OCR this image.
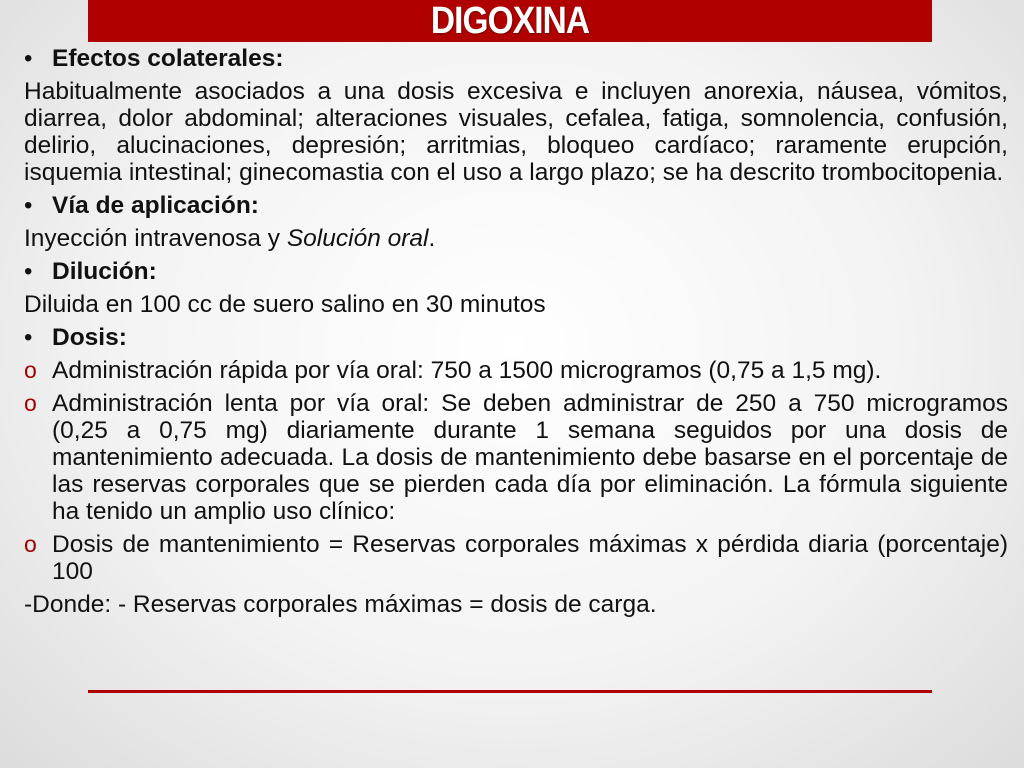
DIGOXINA
• Efectos colaterales:
Habitualmente asociados a una dosis excesiva e incluyen anorexia, náusea, vómitos, diarrea, dolor abdominal; alteraciones visuales, cefalea, fatiga, somnolencia, confusión, delirio, alucinaciones, depresión; arritmias, bloqueo cardíaco; raramente erupción, isquemia intestinal; ginecomastia con el uso a largo plazo; se ha descrito trombocitopenia.
• Vía de aplicación:
Inyección intravenosa y Solución oral.
• Dilución:
Diluida en 100 cc de suero salino en 30 minutos
• Dosis:
o Administración rápida por vía oral: 750 a 1500 microgramos (0,75 a 1,5 mg).
o Administración lenta por vía oral: Se deben administrar de 250 a 750 microgramos (0,25 a 0,75 mg) diariamente durante 1 semana seguidos por una dosis de mantenimiento adecuada. La dosis de mantenimiento debe basarse en el porcentaje de las reservas corporales que se pierden cada día por eliminación. La fórmula siguiente ha tenido un amplio uso clínico:
o Dosis de mantenimiento = Reservas corporales máximas x pérdida diaria (porcentaje) 100
-Donde: - Reservas corporales máximas = dosis de carga.
